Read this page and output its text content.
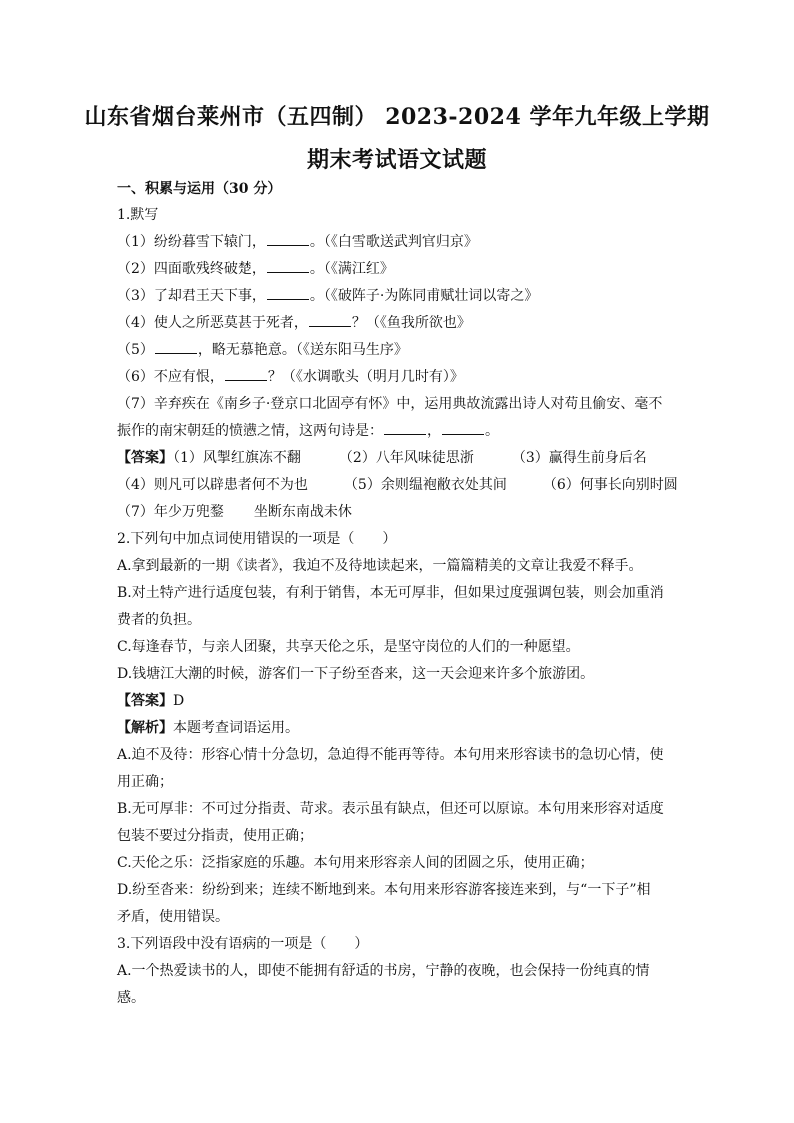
山东省烟台莱州市（五四制） 2023-2024 学年九年级上学期
期末考试语文试题
一、积累与运用（30 分）
1.默写
（1）纷纷暮雪下辕门，	。（《白雪歌送武判官归京》
（2）四面歌残终破楚，	。（《满江红》
（3）了却君王天下事，	。（《破阵子·为陈同甫赋壮词以寄之》
（4）使人之所恶莫甚于死者，	？（《鱼我所欲也》
（5）	，略无慕艳意。（《送东阳马生序》
（6）不应有恨，	？（《水调歌头（明月几时有）》
（7）辛弃疾在《南乡子·登京口北固亭有怀》中，运用典故流露出诗人对苟且偷安、毫不
振作的南宋朝廷的愤懑之情，这两句诗是：	，	。
【答案】（1）风掣红旗冻不翻	（2）八年风味徒思浙	（3）赢得生前身后名
（4）则凡可以辟患者何不为也	（5）余则缊袍敝衣处其间	（6）何事长向别时圆
（7）年少万兜鍪 坐断东南战未休
2.下列句中加点词使用错误的一项是（　　）
A.拿到最新的一期《读者》，我迫不及待地读起来，一篇篇精美的文章让我爱不释手。
B.对土特产进行适度包装，有利于销售，本无可厚非，但如果过度强调包装，则会加重消
费者的负担。
C.每逢春节，与亲人团聚，共享天伦之乐，是坚守岗位的人们的一种愿望。
D.钱塘江大潮的时候，游客们一下子纷至沓来，这一天会迎来许多个旅游团。
【答案】D
【解析】本题考查词语运用。
A.迫不及待：形容心情十分急切，急迫得不能再等待。本句用来形容读书的急切心情，使
用正确；
B.无可厚非：不可过分指责、苛求。表示虽有缺点，但还可以原谅。本句用来形容对适度
包装不要过分指责，使用正确；
C.天伦之乐：泛指家庭的乐趣。本句用来形容亲人间的团圆之乐，使用正确；
D.纷至沓来：纷纷到来；连续不断地到来。本句用来形容游客接连来到，与“一下子”相
矛盾，使用错误。
3.下列语段中没有语病的一项是（　　）
A.一个热爱读书的人，即使不能拥有舒适的书房，宁静的夜晚，也会保持一份纯真的情
感。
